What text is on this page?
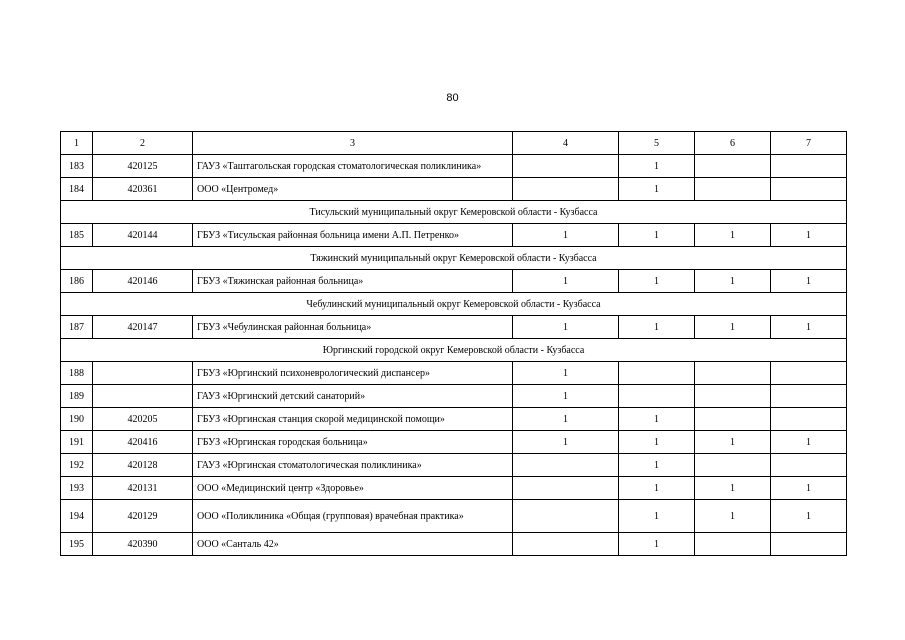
80
1	2	3	4	5	6	7
183	420125	ГАУЗ «Таштагольская городская стоматологическая поликлиника»		1		
184	420361	ООО «Центромед»		1		
Тисульский муниципальный округ Кемеровской области - Кузбасса						
185	420144	ГБУЗ «Тисульская районная больница имени А.П. Петренко»	1	1	1	1
Тяжинский муниципальный округ Кемеровской области - Кузбасса						
186	420146	ГБУЗ «Тяжинская районная больница»	1	1	1	1
Чебулинский муниципальный округ Кемеровской области - Кузбасса						
187	420147	ГБУЗ «Чебулинская районная больница»	1	1	1	1
Юргинский городской округ Кемеровской области - Кузбасса						
188		ГБУЗ «Юргинский психоневрологический диспансер»	1			
189		ГАУЗ «Юргинский детский санаторий»	1			
190	420205	ГБУЗ «Юргинская станция скорой медицинской помощи»	1	1		
191	420416	ГБУЗ «Юргинская городская больница»	1	1	1	1
192	420128	ГАУЗ «Юргинская стоматологическая поликлиника»		1		
193	420131	ООО «Медицинский центр «Здоровье»		1	1	1
194	420129	ООО «Поликлиника «Общая (групповая) врачебная практика»		1	1	1
195	420390	ООО «Санталь 42»		1		
